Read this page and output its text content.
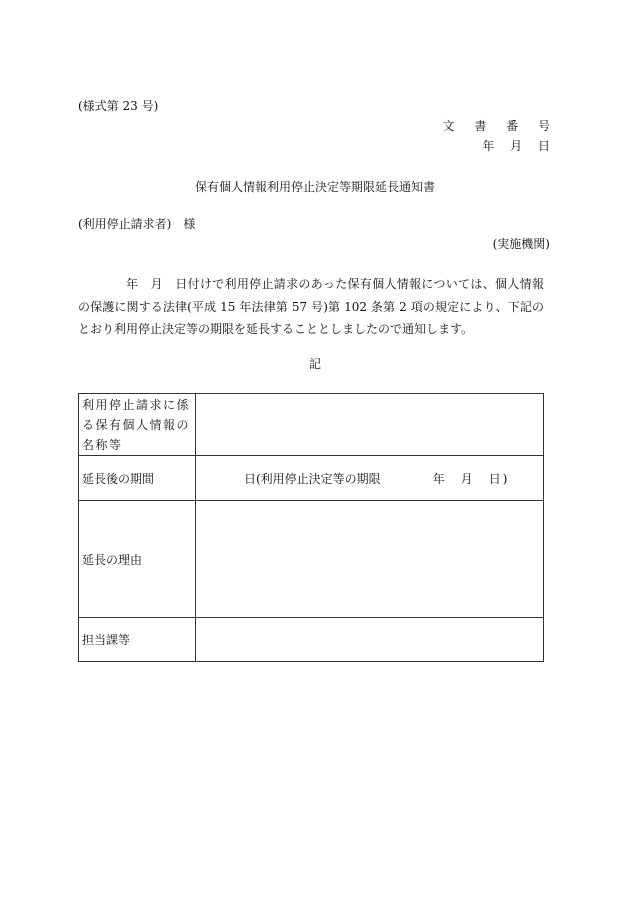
(様式第 23 号)
文 書 番 号
年 月 日
保有個人情報利用停止決定等期限延長通知書
(利用停止請求者)　様
(実施機関)
年　月　日付けで利用停止請求のあった保有個人情報については、個人情報の保護に関する法律(平成 15 年法律第 57 号)第 102 条第 2 項の規定により、下記のとおり利用停止決定等の期限を延長することとしましたので通知します。
記
利用停止請求に係る保有個人情報の名称等	
延長後の期間	日(利用停止決定等の期限 年　月　日)

延長の理由	
担当課等	
